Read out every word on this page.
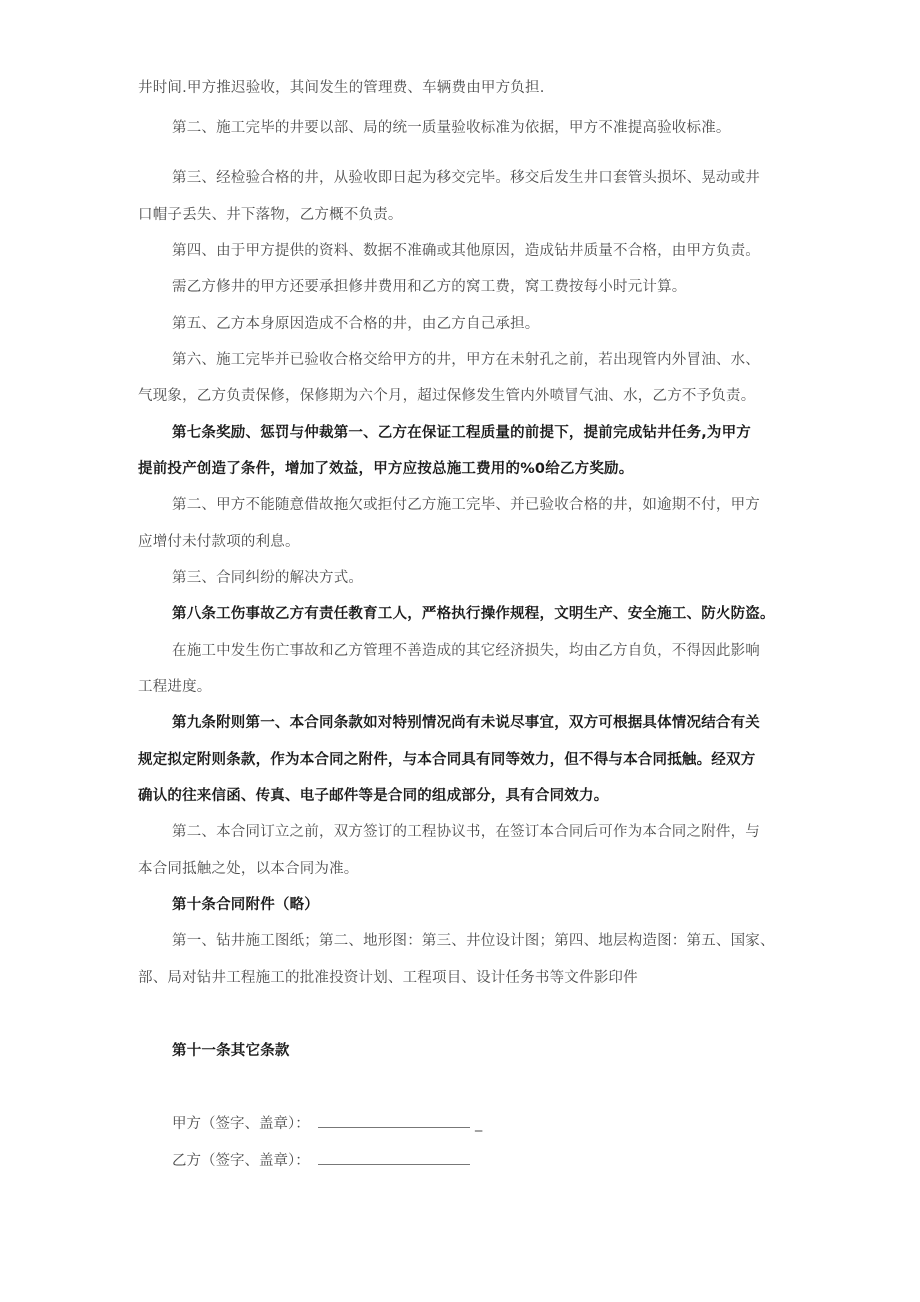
井时间.甲方推迟验收，其间发生的管理费、车辆费由甲方负担.
第二、施工完毕的井要以部、局的统一质量验收标准为依据，甲方不准提高验收标准。
第三、经检验合格的井，从验收即日起为移交完毕。移交后发生井口套管头损坏、晃动或井
口帽子丢失、井下落物，乙方概不负责。
第四、由于甲方提供的资料、数据不准确或其他原因，造成钻井质量不合格，由甲方负责。
需乙方修井的甲方还要承担修井费用和乙方的窝工费，窝工费按每小时元计算。
第五、乙方本身原因造成不合格的井，由乙方自己承担。
第六、施工完毕并已验收合格交给甲方的井，甲方在未射孔之前，若出现管内外冒油、水、
气现象，乙方负责保修，保修期为六个月，超过保修发生管内外喷冒气油、水，乙方不予负责。
第七条奖励、惩罚与仲裁第一、乙方在保证工程质量的前提下，提前完成钻井任务,为甲方
提前投产创造了条件，增加了效益，甲方应按总施工费用的%0给乙方奖励。
第二、甲方不能随意借故拖欠或拒付乙方施工完毕、并已验收合格的井，如逾期不付，甲方
应增付未付款项的利息。
第三、合同纠纷的解决方式。
第八条工伤事故乙方有责任教育工人，严格执行操作规程，文明生产、安全施工、防火防盗。
在施工中发生伤亡事故和乙方管理不善造成的其它经济损失，均由乙方自负，不得因此影响
工程进度。
第九条附则第一、本合同条款如对特别情况尚有未说尽事宜，双方可根据具体情况结合有关
规定拟定附则条款，作为本合同之附件，与本合同具有同等效力，但不得与本合同抵触。经双方
确认的往来信函、传真、电子邮件等是合同的组成部分，具有合同效力。
第二、本合同订立之前，双方签订的工程协议书，在签订本合同后可作为本合同之附件，与
本合同抵触之处，以本合同为准。
第十条合同附件（略）
第一、钻井施工图纸；第二、地形图：第三、井位设计图；第四、地层构造图：第五、国家、
部、局对钻井工程施工的批准投资计划、工程项目、设计任务书等文件影印件
第十一条其它条款
甲方（签字、盖章）：	_
乙方（签字、盖章）：
